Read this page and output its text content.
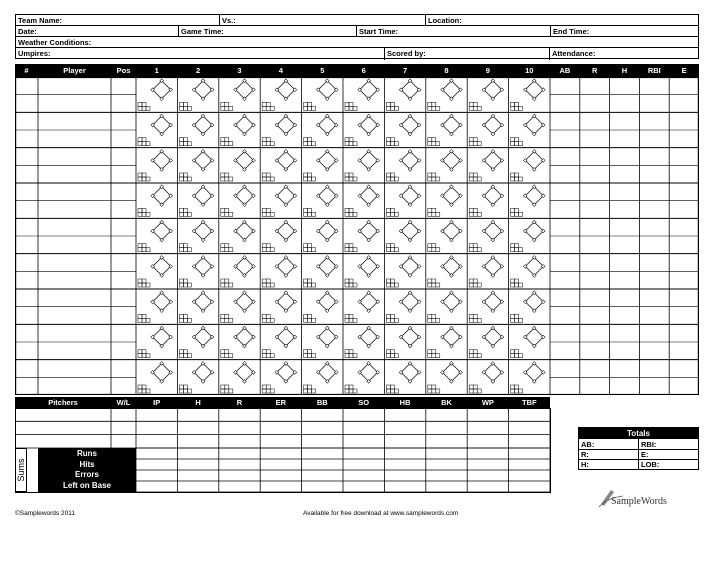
Team Name:	Vs.:	Location:
Date:	Game Time:	Start Time:	End Time:
Weather Conditions:
Umpires:	Scored by:	Attendance:
#	Player	Pos	1	2	3	4	5	6	7	8	9	10	AB	R	H	RBI	E
Pitchers	W/L	IP	H	R	ER	BB	SO	HB	BK	WP	TBF
Sums
Runs
Hits
Errors
Left on Base
Totals
AB:	RBI:
R:	E:
H:	LOB:
SampleWords
©Samplewords 2011	Available for free download at www.samplewords.com
